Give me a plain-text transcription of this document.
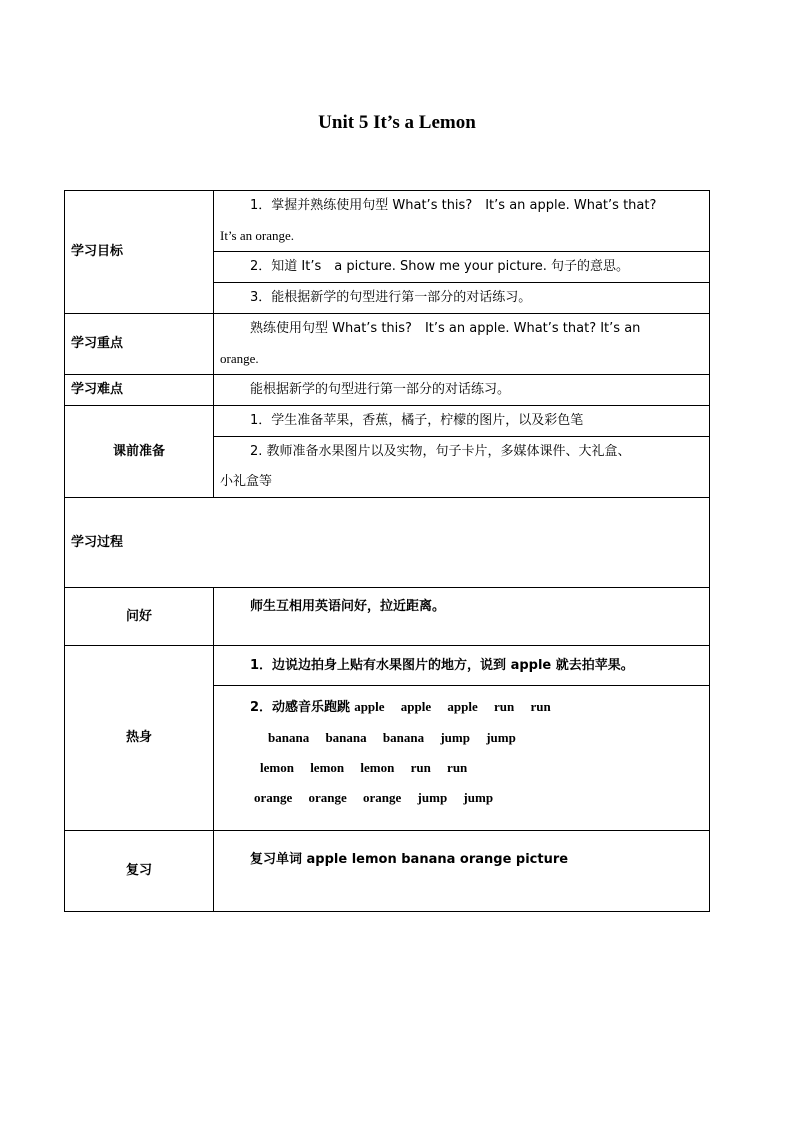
Unit 5 It’s a Lemon
学习目标	1．掌握并熟练使用句型 What’s this?　It’s an apple. What’s that?
It’s an orange.

	2．知道 It’s　a picture. Show me your picture. 句子的意思。
	3．能根据新学的句型进行第一部分的对话练习。
学习重点	熟练使用句型 What’s this?　It’s an apple. What’s that? It’s an
orange.

学习难点	能根据新学的句型进行第一部分的对话练习。
课前准备	1．学生准备苹果，香蕉，橘子，柠檬的图片，以及彩色笔

	2. 教师准备水果图片以及实物，句子卡片，多媒体课件、大礼盒、
小礼盒等

学习过程	
问好	师生互相用英语问好，拉近距离。
热身	1．边说边拍身上贴有水果图片的地方，说到 apple 就去拍苹果。

	2．动感音乐跑跳 apple     apple     apple     run     run
banana     banana     banana     jump     jump
lemon     lemon     lemon     run     run
orange     orange     orange     jump     jump

复习	复习单词 apple lemon banana orange picture
